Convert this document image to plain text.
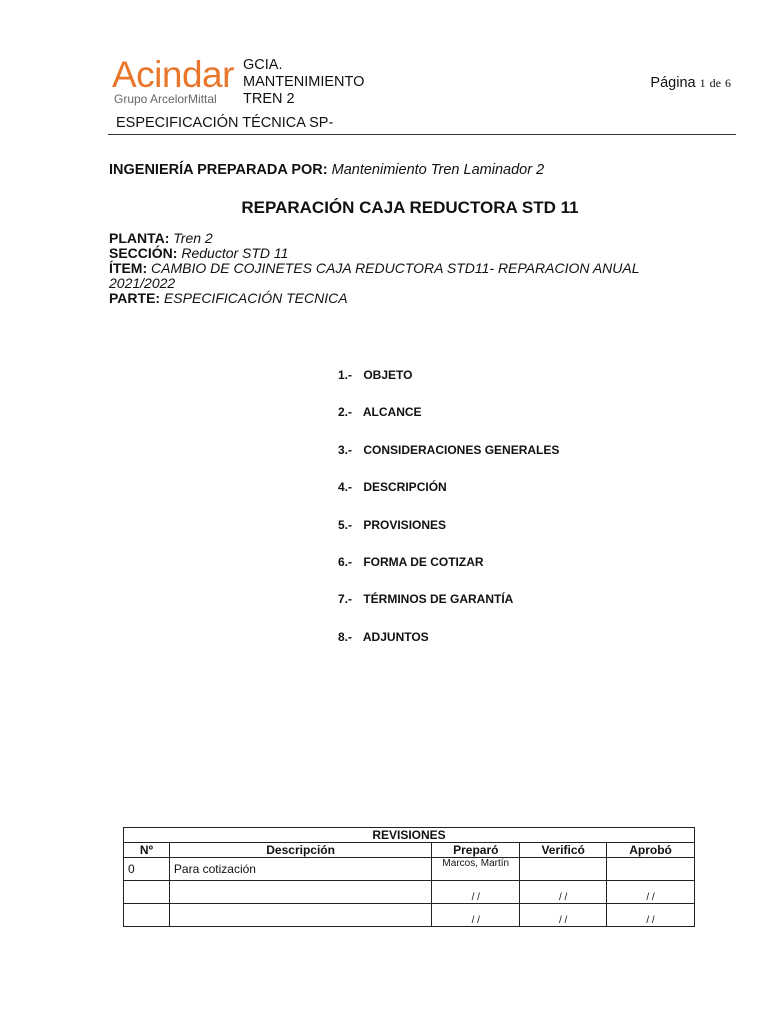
Acindar
Grupo ArcelorMittal
GCIA.
MANTENIMIENTO
TREN 2
Página 1 de 6
ESPECIFICACIÓN TÉCNICA SP-
INGENIERÍA PREPARADA POR: Mantenimiento Tren Laminador 2
REPARACIÓN CAJA REDUCTORA STD 11
PLANTA: Tren 2
SECCIÓN: Reductor STD 11
ÍTEM: CAMBIO DE COJINETES CAJA REDUCTORA STD11- REPARACION ANUAL 2021/2022
PARTE: ESPECIFICACIÓN TECNICA
1.- OBJETO
2.- ALCANCE
3.- CONSIDERACIONES GENERALES
4.- DESCRIPCIÓN
5.- PROVISIONES
6.- FORMA DE COTIZAR
7.- TÉRMINOS DE GARANTÍA
8.- ADJUNTOS
REVISIONES				
Nº	Descripción	Preparó	Verificó	Aprobó
0	Para cotización	Marcos, Martín		
		/ /	/ /	/ /
		/ /	/ /	/ /
